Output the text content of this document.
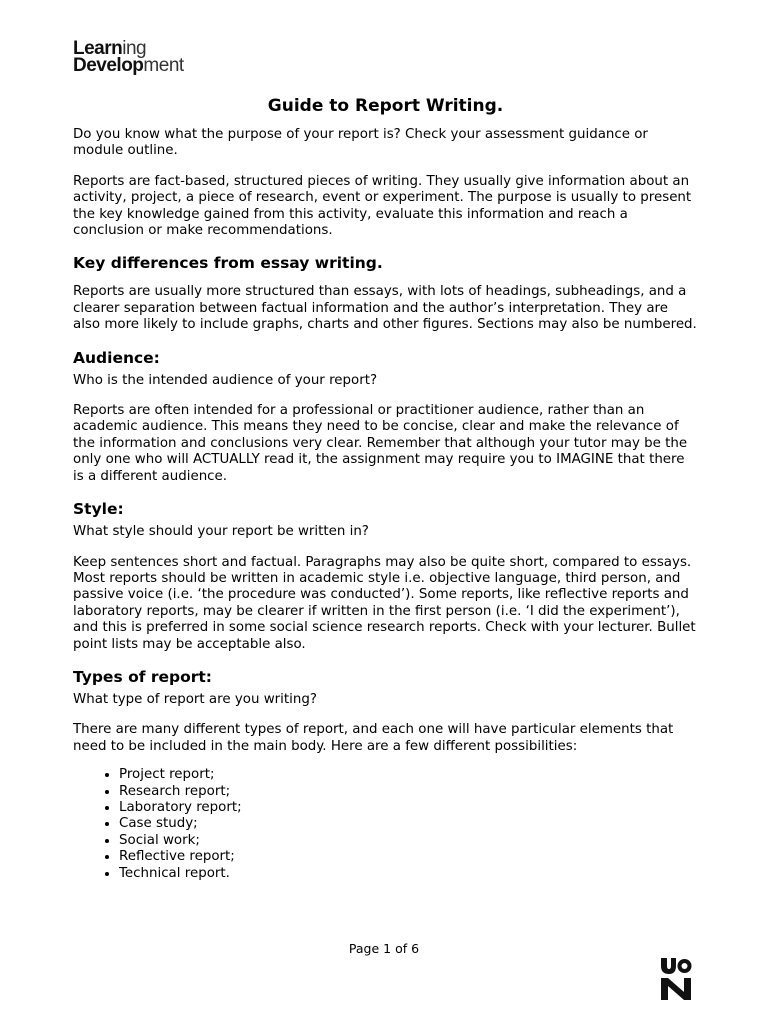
Learning
Development
Guide to Report Writing.

Do you know what the purpose of your report is? Check your assessment guidance or module outline.

Reports are fact-based, structured pieces of writing. They usually give information about an activity, project, a piece of research, event or experiment. The purpose is usually to present the key knowledge gained from this activity, evaluate this information and reach a conclusion or make recommendations.

Key differences from essay writing.

Reports are usually more structured than essays, with lots of headings, subheadings, and a clearer separation between factual information and the author’s interpretation. They are also more likely to include graphs, charts and other figures. Sections may also be numbered.

Audience:

Who is the intended audience of your report?

Reports are often intended for a professional or practitioner audience, rather than an academic audience. This means they need to be concise, clear and make the relevance of the information and conclusions very clear. Remember that although your tutor may be the only one who will ACTUALLY read it, the assignment may require you to IMAGINE that there is a different audience.

Style:

What style should your report be written in?

Keep sentences short and factual. Paragraphs may also be quite short, compared to essays. Most reports should be written in academic style i.e. objective language, third person, and passive voice (i.e. ‘the procedure was conducted’). Some reports, like reflective reports and laboratory reports, may be clearer if written in the first person (i.e. ‘I did the experiment’), and this is preferred in some social science research reports. Check with your lecturer. Bullet point lists may be acceptable also.

Types of report:

What type of report are you writing?

There are many different types of report, and each one will have particular elements that need to be included in the main body. Here are a few different possibilities:

• Project report;
• Research report;
• Laboratory report;
• Case study;
• Social work;
• Reflective report;
• Technical report.
Page 1 of 6
